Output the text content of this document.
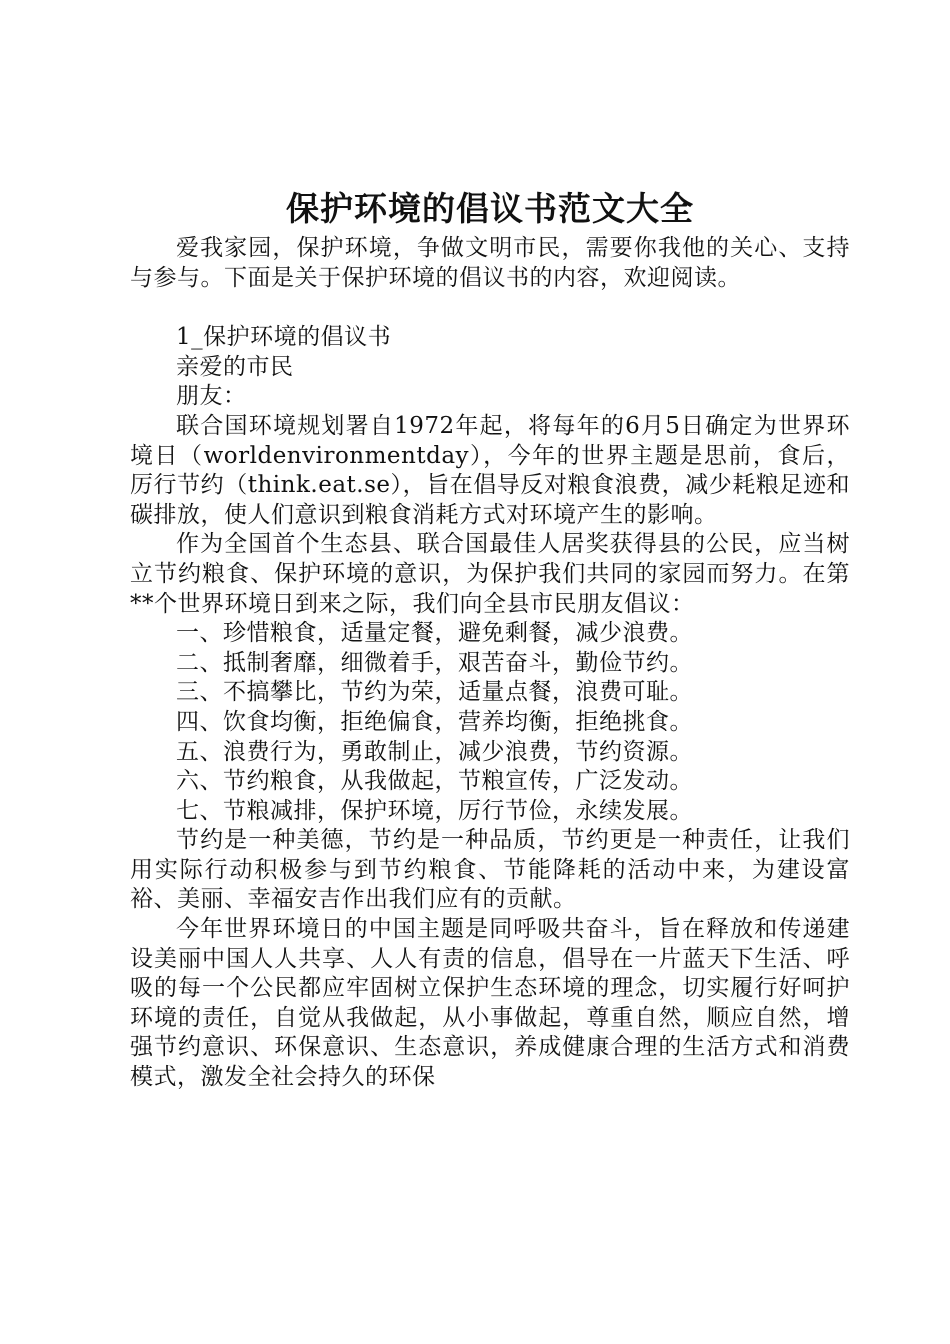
保护环境的倡议书范文大全

爱我家园，保护环境，争做文明市民，需要你我他的关心、支持与参与。下面是关于保护环境的倡议书的内容，欢迎阅读。

1_保护环境的倡议书

亲爱的市民

朋友：

联合国环境规划署自1972年起，将每年的6月5日确定为世界环境日（worldenvironmentday），今年的世界主题是思前，食后，厉行节约（think.eat.se），旨在倡导反对粮食浪费，减少耗粮足迹和碳排放，使人们意识到粮食消耗方式对环境产生的影响。

作为全国首个生态县、联合国最佳人居奖获得县的公民，应当树立节约粮食、保护环境的意识，为保护我们共同的家园而努力。在第**个世界环境日到来之际，我们向全县市民朋友倡议：

一、珍惜粮食，适量定餐，避免剩餐，减少浪费。

二、抵制奢靡，细微着手，艰苦奋斗，勤俭节约。

三、不搞攀比，节约为荣，适量点餐，浪费可耻。

四、饮食均衡，拒绝偏食，营养均衡，拒绝挑食。

五、浪费行为，勇敢制止，减少浪费，节约资源。

六、节约粮食，从我做起，节粮宣传，广泛发动。

七、节粮减排，保护环境，厉行节俭，永续发展。

节约是一种美德，节约是一种品质，节约更是一种责任，让我们用实际行动积极参与到节约粮食、节能降耗的活动中来，为建设富裕、美丽、幸福安吉作出我们应有的贡献。

今年世界环境日的中国主题是同呼吸共奋斗，旨在释放和传递建设美丽中国人人共享、人人有责的信息，倡导在一片蓝天下生活、呼吸的每一个公民都应牢固树立保护生态环境的理念，切实履行好呵护环境的责任，自觉从我做起，从小事做起，尊重自然，顺应自然，增强节约意识、环保意识、生态意识，养成健康合理的生活方式和消费模式，激发全社会持久的环保
